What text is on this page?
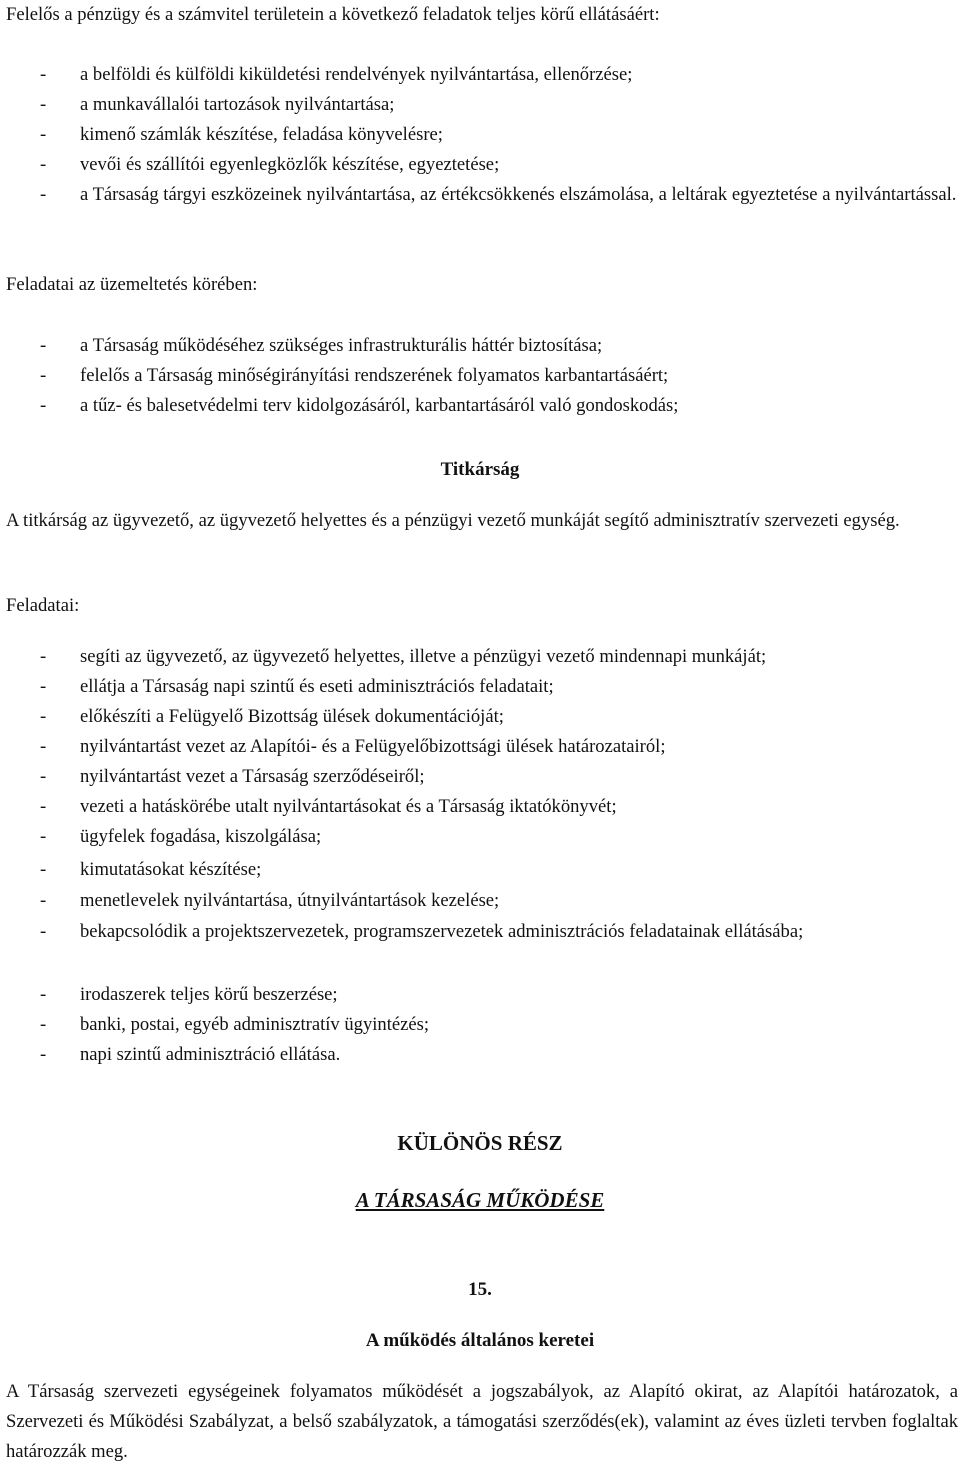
Felelős a pénzügy és a számvitel területein a következő feladatok teljes körű ellátásáért:

- a belföldi és külföldi kiküldetési rendelvények nyilvántartása, ellenőrzése;
- a munkavállalói tartozások nyilvántartása;
- kimenő számlák készítése, feladása könyvelésre;
- vevői és szállítói egyenlegközlők készítése, egyeztetése;
- a Társaság tárgyi eszközeinek nyilvántartása, az értékcsökkenés elszámolása, a leltárak egyeztetése a nyilvántartással.

Feladatai az üzemeltetés körében:

- a Társaság működéséhez szükséges infrastrukturális háttér biztosítása;
- felelős a Társaság minőségirányítási rendszerének folyamatos karbantartásáért;
- a tűz- és balesetvédelmi terv kidolgozásáról, karbantartásáról való gondoskodás;
Titkárság

A titkárság az ügyvezető, az ügyvezető helyettes és a pénzügyi vezető munkáját segítő adminisztratív szervezeti egység.

Feladatai:

- segíti az ügyvezető, az ügyvezető helyettes, illetve a pénzügyi vezető mindennapi munkáját;
- ellátja a Társaság napi szintű és eseti adminisztrációs feladatait;
- előkészíti a Felügyelő Bizottság ülések dokumentációját;
- nyilvántartást vezet az Alapítói- és a Felügyelőbizottsági ülések határozatairól;
- nyilvántartást vezet a Társaság szerződéseiről;
- vezeti a hatáskörébe utalt nyilvántartásokat és a Társaság iktatókönyvét;
- ügyfelek fogadása, kiszolgálása;
- kimutatásokat készítése;
- menetlevelek nyilvántartása, útnyilvántartások kezelése;
- bekapcsolódik a projektszervezetek, programszervezetek adminisztrációs feladatainak ellátásába;
- irodaszerek teljes körű beszerzése;
- banki, postai, egyéb adminisztratív ügyintézés;
- napi szintű adminisztráció ellátása.
KÜLÖNÖS RÉSZ
A TÁRSASÁG MŰKÖDÉSE
15.
A működés általános keretei

A Társaság szervezeti egységeinek folyamatos működését a jogszabályok, az Alapító okirat, az Alapítói határozatok, a Szervezeti és Működési Szabályzat, a belső szabályzatok, a támogatási szerződés(ek), valamint az éves üzleti tervben foglaltak határozzák meg.
